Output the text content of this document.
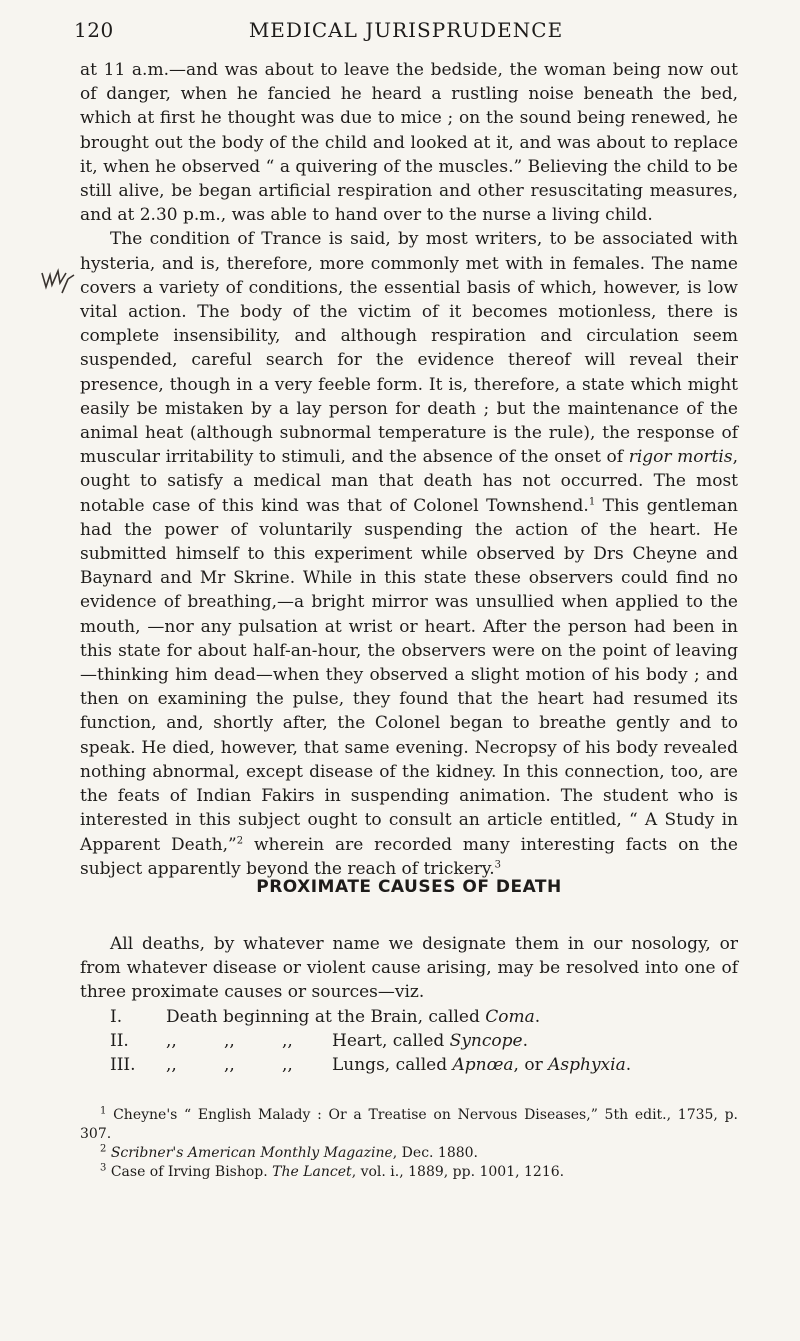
120	MEDICAL JURISPRUDENCE

at 11 a.m.—and was about to leave the bedside, the woman being now out of danger, when he fancied he heard a rustling noise beneath the bed, which at first he thought was due to mice ; on the sound being renewed, he brought out the body of the child and looked at it, and was about to replace it, when he observed “ a quivering of the muscles.” Believing the child to be still alive, be began artificial respiration and other resuscitating measures, and at 2.30 p.m., was able to hand over to the nurse a living child.

The condition of Trance is said, by most writers, to be associated with hysteria, and is, therefore, more commonly met with in females. The name covers a variety of conditions, the essential basis of which, however, is low vital action. The body of the victim of it becomes motionless, there is complete insensibility, and although respiration and circulation seem suspended, careful search for the evidence thereof will reveal their presence, though in a very feeble form. It is, therefore, a state which might easily be mistaken by a lay person for death ; but the maintenance of the animal heat (although subnormal temperature is the rule), the response of muscular irritability to stimuli, and the absence of the onset of rigor mortis, ought to satisfy a medical man that death has not occurred. The most notable case of this kind was that of Colonel Townshend.$^1$ This gentleman had the power of voluntarily suspending the action of the heart. He submitted himself to this experiment while observed by Drs Cheyne and Baynard and Mr Skrine. While in this state these observers could find no evidence of breathing,—a bright mirror was unsullied when applied to the mouth, —nor any pulsation at wrist or heart. After the person had been in this state for about half-an-hour, the observers were on the point of leaving—thinking him dead—when they observed a slight motion of his body ; and then on examining the pulse, they found that the heart had resumed its function, and, shortly after, the Colonel began to breathe gently and to speak. He died, however, that same evening. Necropsy of his body revealed nothing abnormal, except disease of the kidney. In this connection, too, are the feats of Indian Fakirs in suspending animation. The student who is interested in this subject ought to consult an article entitled, “ A Study in Apparent Death,”$^2$ wherein are recorded many interesting facts on the subject apparently beyond the reach of trickery.$^3$

PROXIMATE CAUSES OF DEATH

All deaths, by whatever name we designate them in our nosology, or from whatever disease or violent cause arising, may be resolved into one of three proximate causes or sources—viz.

I.	Death beginning at the Brain, called Coma.
II. ,,	,,	,,	Heart, called Syncope.
III. ,,	,,	,,	Lungs, called Apnœa, or Asphyxia.

$^1$ Cheyne's “ English Malady : Or a Treatise on Nervous Diseases,” 5th edit., 1735, p. 307.

$^2$ Scribner's American Monthly Magazine, Dec. 1880.

$^3$ Case of Irving Bishop. The Lancet, vol. i., 1889, pp. 1001, 1216.
